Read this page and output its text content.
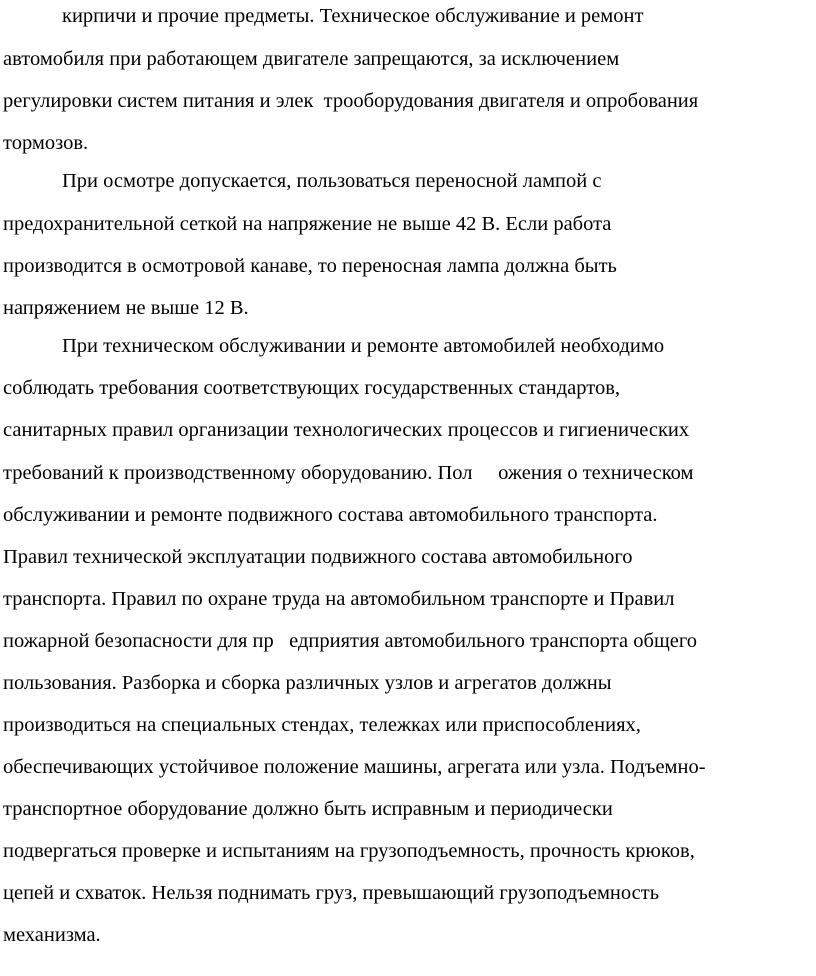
кирпичи и прочие предметы. Техническое обслуживание и ремонт
автомобиля при работающем двигателе запрещаются, за исключением
регулировки систем питания и элек  трооборудования двигателя и опробования
тормозов.
При осмотре допускается, пользоваться переносной лампой с
предохранительной сеткой на напряжение не выше 42 В. Если работа
производится в осмотровой канаве, то переносная лампа должна быть
напряжением не выше 12 В.
При техническом обслуживании и ремонте автомобилей необходимо
соблюдать требования соответствующих государственных стандартов,
санитарных правил организации технологических процессов и гигиенических
требований к производственному оборудованию. Пол     ожения о техническом
обслуживании и ремонте подвижного состава автомобильного транспорта.
Правил технической эксплуатации подвижного состава автомобильного
транспорта. Правил по охране труда на автомобильном транспорте и Правил
пожарной безопасности для пр   едприятия автомобильного транспорта общего
пользования. Разборка и сборка различных узлов и агрегатов должны
производиться на специальных стендах, тележках или приспособлениях,
обеспечивающих устойчивое положение машины, агрегата или узла. Подъемно-
транспортное оборудование должно быть исправным и периодически
подвергаться проверке и испытаниям на грузоподъемность, прочность крюков,
цепей и схваток. Нельзя поднимать груз, превышающий грузоподъемность
механизма.
